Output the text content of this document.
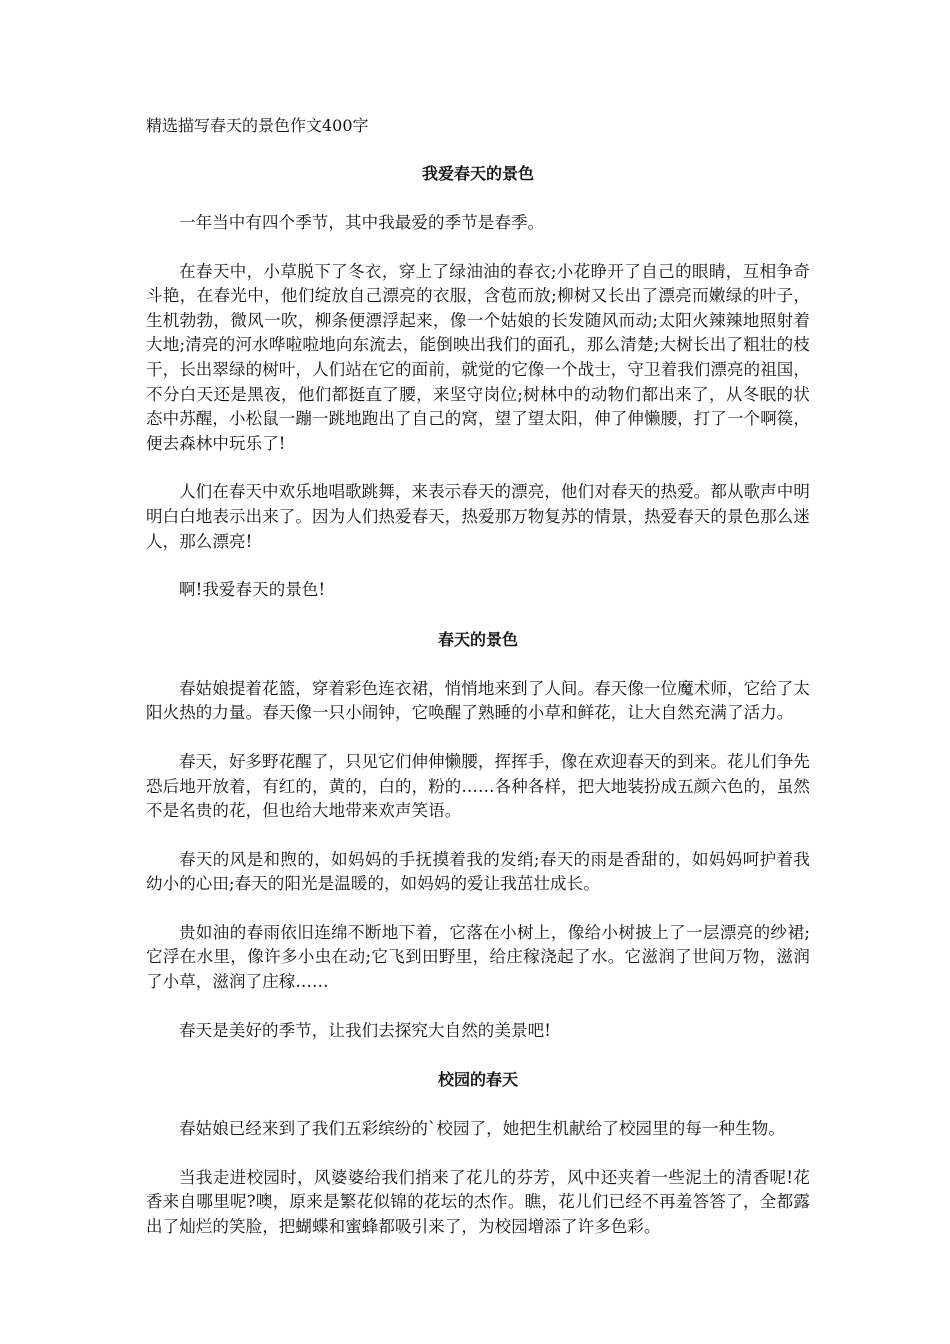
精选描写春天的景色作文400字
我爱春天的景色

一年当中有四个季节，其中我最爱的季节是春季。

在春天中，小草脱下了冬衣，穿上了绿油油的春衣;小花睁开了自己的眼睛，互相争奇斗艳，在春光中，他们绽放自己漂亮的衣服，含苞而放;柳树又长出了漂亮而嫩绿的叶子，生机勃勃，微风一吹，柳条便漂浮起来，像一个姑娘的长发随风而动;太阳火辣辣地照射着大地;清亮的河水哗啦啦地向东流去，能倒映出我们的面孔，那么清楚;大树长出了粗壮的枝干，长出翠绿的树叶，人们站在它的面前，就觉的它像一个战士，守卫着我们漂亮的祖国，不分白天还是黑夜，他们都挺直了腰，来坚守岗位;树林中的动物们都出来了，从冬眠的状态中苏醒，小松鼠一蹦一跳地跑出了自己的窝，望了望太阳，伸了伸懒腰，打了一个啊篌，便去森林中玩乐了!

人们在春天中欢乐地唱歌跳舞，来表示春天的漂亮，他们对春天的热爱。都从歌声中明明白白地表示出来了。因为人们热爱春天，热爱那万物复苏的情景，热爱春天的景色那么迷人，那么漂亮!

啊!我爱春天的景色!

春天的景色

春姑娘提着花篮，穿着彩色连衣裙，悄悄地来到了人间。春天像一位魔术师，它给了太阳火热的力量。春天像一只小闹钟，它唤醒了熟睡的小草和鲜花，让大自然充满了活力。

春天，好多野花醒了，只见它们伸伸懒腰，挥挥手，像在欢迎春天的到来。花儿们争先恐后地开放着，有红的，黄的，白的，粉的……各种各样，把大地装扮成五颜六色的，虽然不是名贵的花，但也给大地带来欢声笑语。

春天的风是和煦的，如妈妈的手抚摸着我的发绡;春天的雨是香甜的，如妈妈呵护着我幼小的心田;春天的阳光是温暖的，如妈妈的爱让我茁壮成长。

贵如油的春雨依旧连绵不断地下着，它落在小树上，像给小树披上了一层漂亮的纱裙;它浮在水里，像许多小虫在动;它飞到田野里，给庄稼浇起了水。它滋润了世间万物，滋润了小草，滋润了庄稼……

春天是美好的季节，让我们去探究大自然的美景吧!

校园的春天

春姑娘已经来到了我们五彩缤纷的`校园了，她把生机献给了校园里的每一种生物。

当我走进校园时，风婆婆给我们捎来了花儿的芬芳，风中还夹着一些泥土的清香呢!花香来自哪里呢?噢，原来是繁花似锦的花坛的杰作。瞧，花儿们已经不再羞答答了，全都露出了灿烂的笑脸，把蝴蝶和蜜蜂都吸引来了，为校园增添了许多色彩。
